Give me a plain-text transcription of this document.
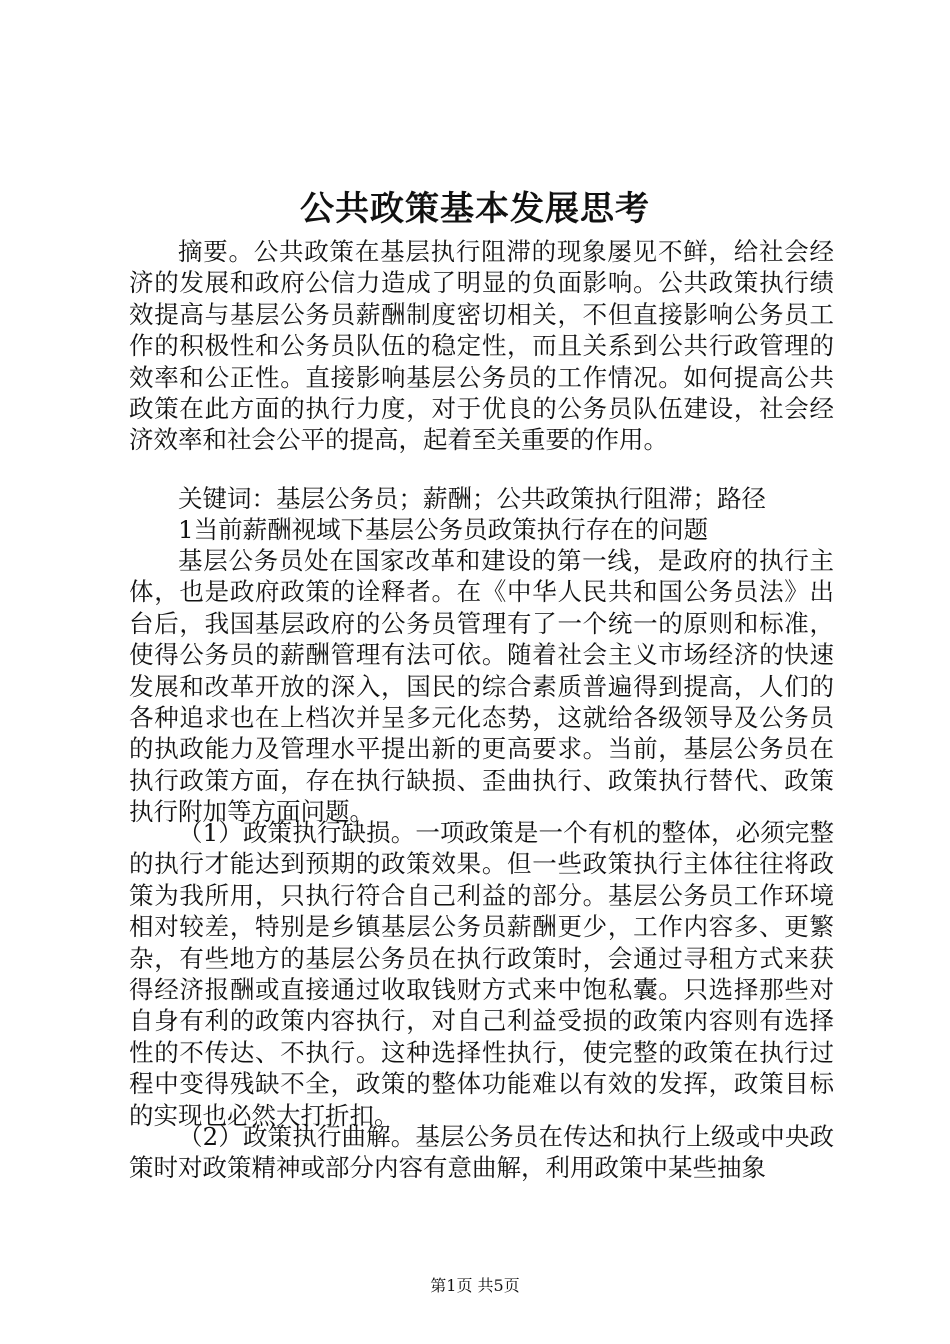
公共政策基本发展思考

摘要。公共政策在基层执行阻滞的现象屡见不鲜，给社会经济的发展和政府公信力造成了明显的负面影响。公共政策执行绩效提高与基层公务员薪酬制度密切相关，不但直接影响公务员工作的积极性和公务员队伍的稳定性，而且关系到公共行政管理的效率和公正性。直接影响基层公务员的工作情况。如何提高公共政策在此方面的执行力度，对于优良的公务员队伍建设，社会经济效率和社会公平的提高，起着至关重要的作用。

关键词：基层公务员；薪酬；公共政策执行阻滞；路径

1当前薪酬视域下基层公务员政策执行存在的问题

基层公务员处在国家改革和建设的第一线，是政府的执行主体，也是政府政策的诠释者。在《中华人民共和国公务员法》出台后，我国基层政府的公务员管理有了一个统一的原则和标准，使得公务员的薪酬管理有法可依。随着社会主义市场经济的快速发展和改革开放的深入，国民的综合素质普遍得到提高，人们的各种追求也在上档次并呈多元化态势，这就给各级领导及公务员的执政能力及管理水平提出新的更高要求。当前，基层公务员在执行政策方面，存在执行缺损、歪曲执行、政策执行替代、政策执行附加等方面问题。

（1）政策执行缺损。一项政策是一个有机的整体，必须完整的执行才能达到预期的政策效果。但一些政策执行主体往往将政策为我所用，只执行符合自己利益的部分。基层公务员工作环境相对较差，特别是乡镇基层公务员薪酬更少，工作内容多、更繁杂，有些地方的基层公务员在执行政策时，会通过寻租方式来获得经济报酬或直接通过收取钱财方式来中饱私囊。只选择那些对自身有利的政策内容执行，对自己利益受损的政策内容则有选择性的不传达、不执行。这种选择性执行，使完整的政策在执行过程中变得残缺不全，政策的整体功能难以有效的发挥，政策目标的实现也必然大打折扣。

（2）政策执行曲解。基层公务员在传达和执行上级或中央政策时对政策精神或部分内容有意曲解，利用政策中某些抽象

第1页 共5页
